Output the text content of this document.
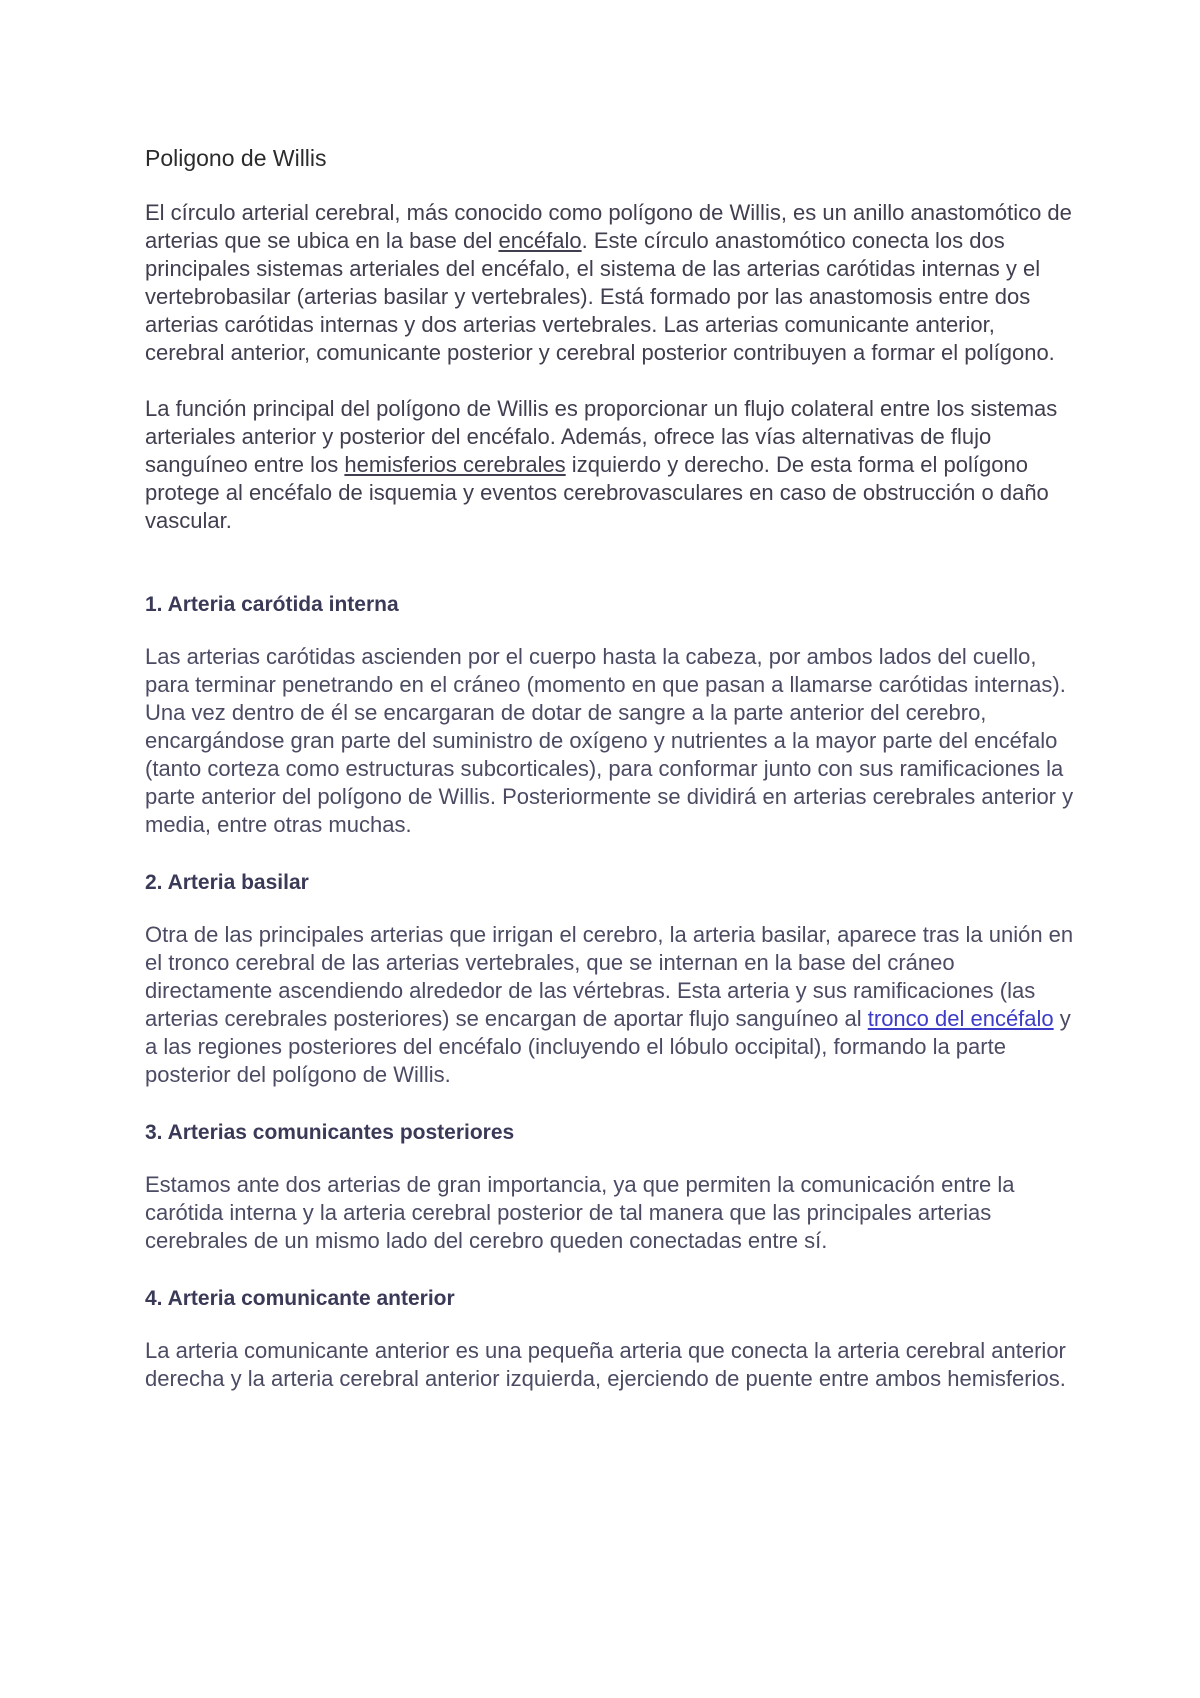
Poligono de Willis

El círculo arterial cerebral, más conocido como polígono de Willis, es un anillo anastomótico de arterias que se ubica en la base del encéfalo. Este círculo anastomótico conecta los dos principales sistemas arteriales del encéfalo, el sistema de las arterias carótidas internas y el vertebrobasilar (arterias basilar y vertebrales). Está formado por las anastomosis entre dos arterias carótidas internas y dos arterias vertebrales. Las arterias comunicante anterior, cerebral anterior, comunicante posterior y cerebral posterior contribuyen a formar el polígono.

La función principal del polígono de Willis es proporcionar un flujo colateral entre los sistemas arteriales anterior y posterior del encéfalo. Además, ofrece las vías alternativas de flujo sanguíneo entre los hemisferios cerebrales izquierdo y derecho. De esta forma el polígono protege al encéfalo de isquemia y eventos cerebrovasculares en caso de obstrucción o daño vascular.

1. Arteria carótida interna

Las arterias carótidas ascienden por el cuerpo hasta la cabeza, por ambos lados del cuello, para terminar penetrando en el cráneo (momento en que pasan a llamarse carótidas internas). Una vez dentro de él se encargaran de dotar de sangre a la parte anterior del cerebro, encargándose gran parte del suministro de oxígeno y nutrientes a la mayor parte del encéfalo (tanto corteza como estructuras subcorticales), para conformar junto con sus ramificaciones la parte anterior del polígono de Willis. Posteriormente se dividirá en arterias cerebrales anterior y media, entre otras muchas.

2. Arteria basilar

Otra de las principales arterias que irrigan el cerebro, la arteria basilar, aparece tras la unión en el tronco cerebral de las arterias vertebrales, que se internan en la base del cráneo directamente ascendiendo alrededor de las vértebras. Esta arteria y sus ramificaciones (las arterias cerebrales posteriores) se encargan de aportar flujo sanguíneo al tronco del encéfalo y a las regiones posteriores del encéfalo (incluyendo el lóbulo occipital), formando la parte posterior del polígono de Willis.

3. Arterias comunicantes posteriores

Estamos ante dos arterias de gran importancia, ya que permiten la comunicación entre la carótida interna y la arteria cerebral posterior de tal manera que las principales arterias cerebrales de un mismo lado del cerebro queden conectadas entre sí.

4. Arteria comunicante anterior

La arteria comunicante anterior es una pequeña arteria que conecta la arteria cerebral anterior derecha y la arteria cerebral anterior izquierda, ejerciendo de puente entre ambos hemisferios.
